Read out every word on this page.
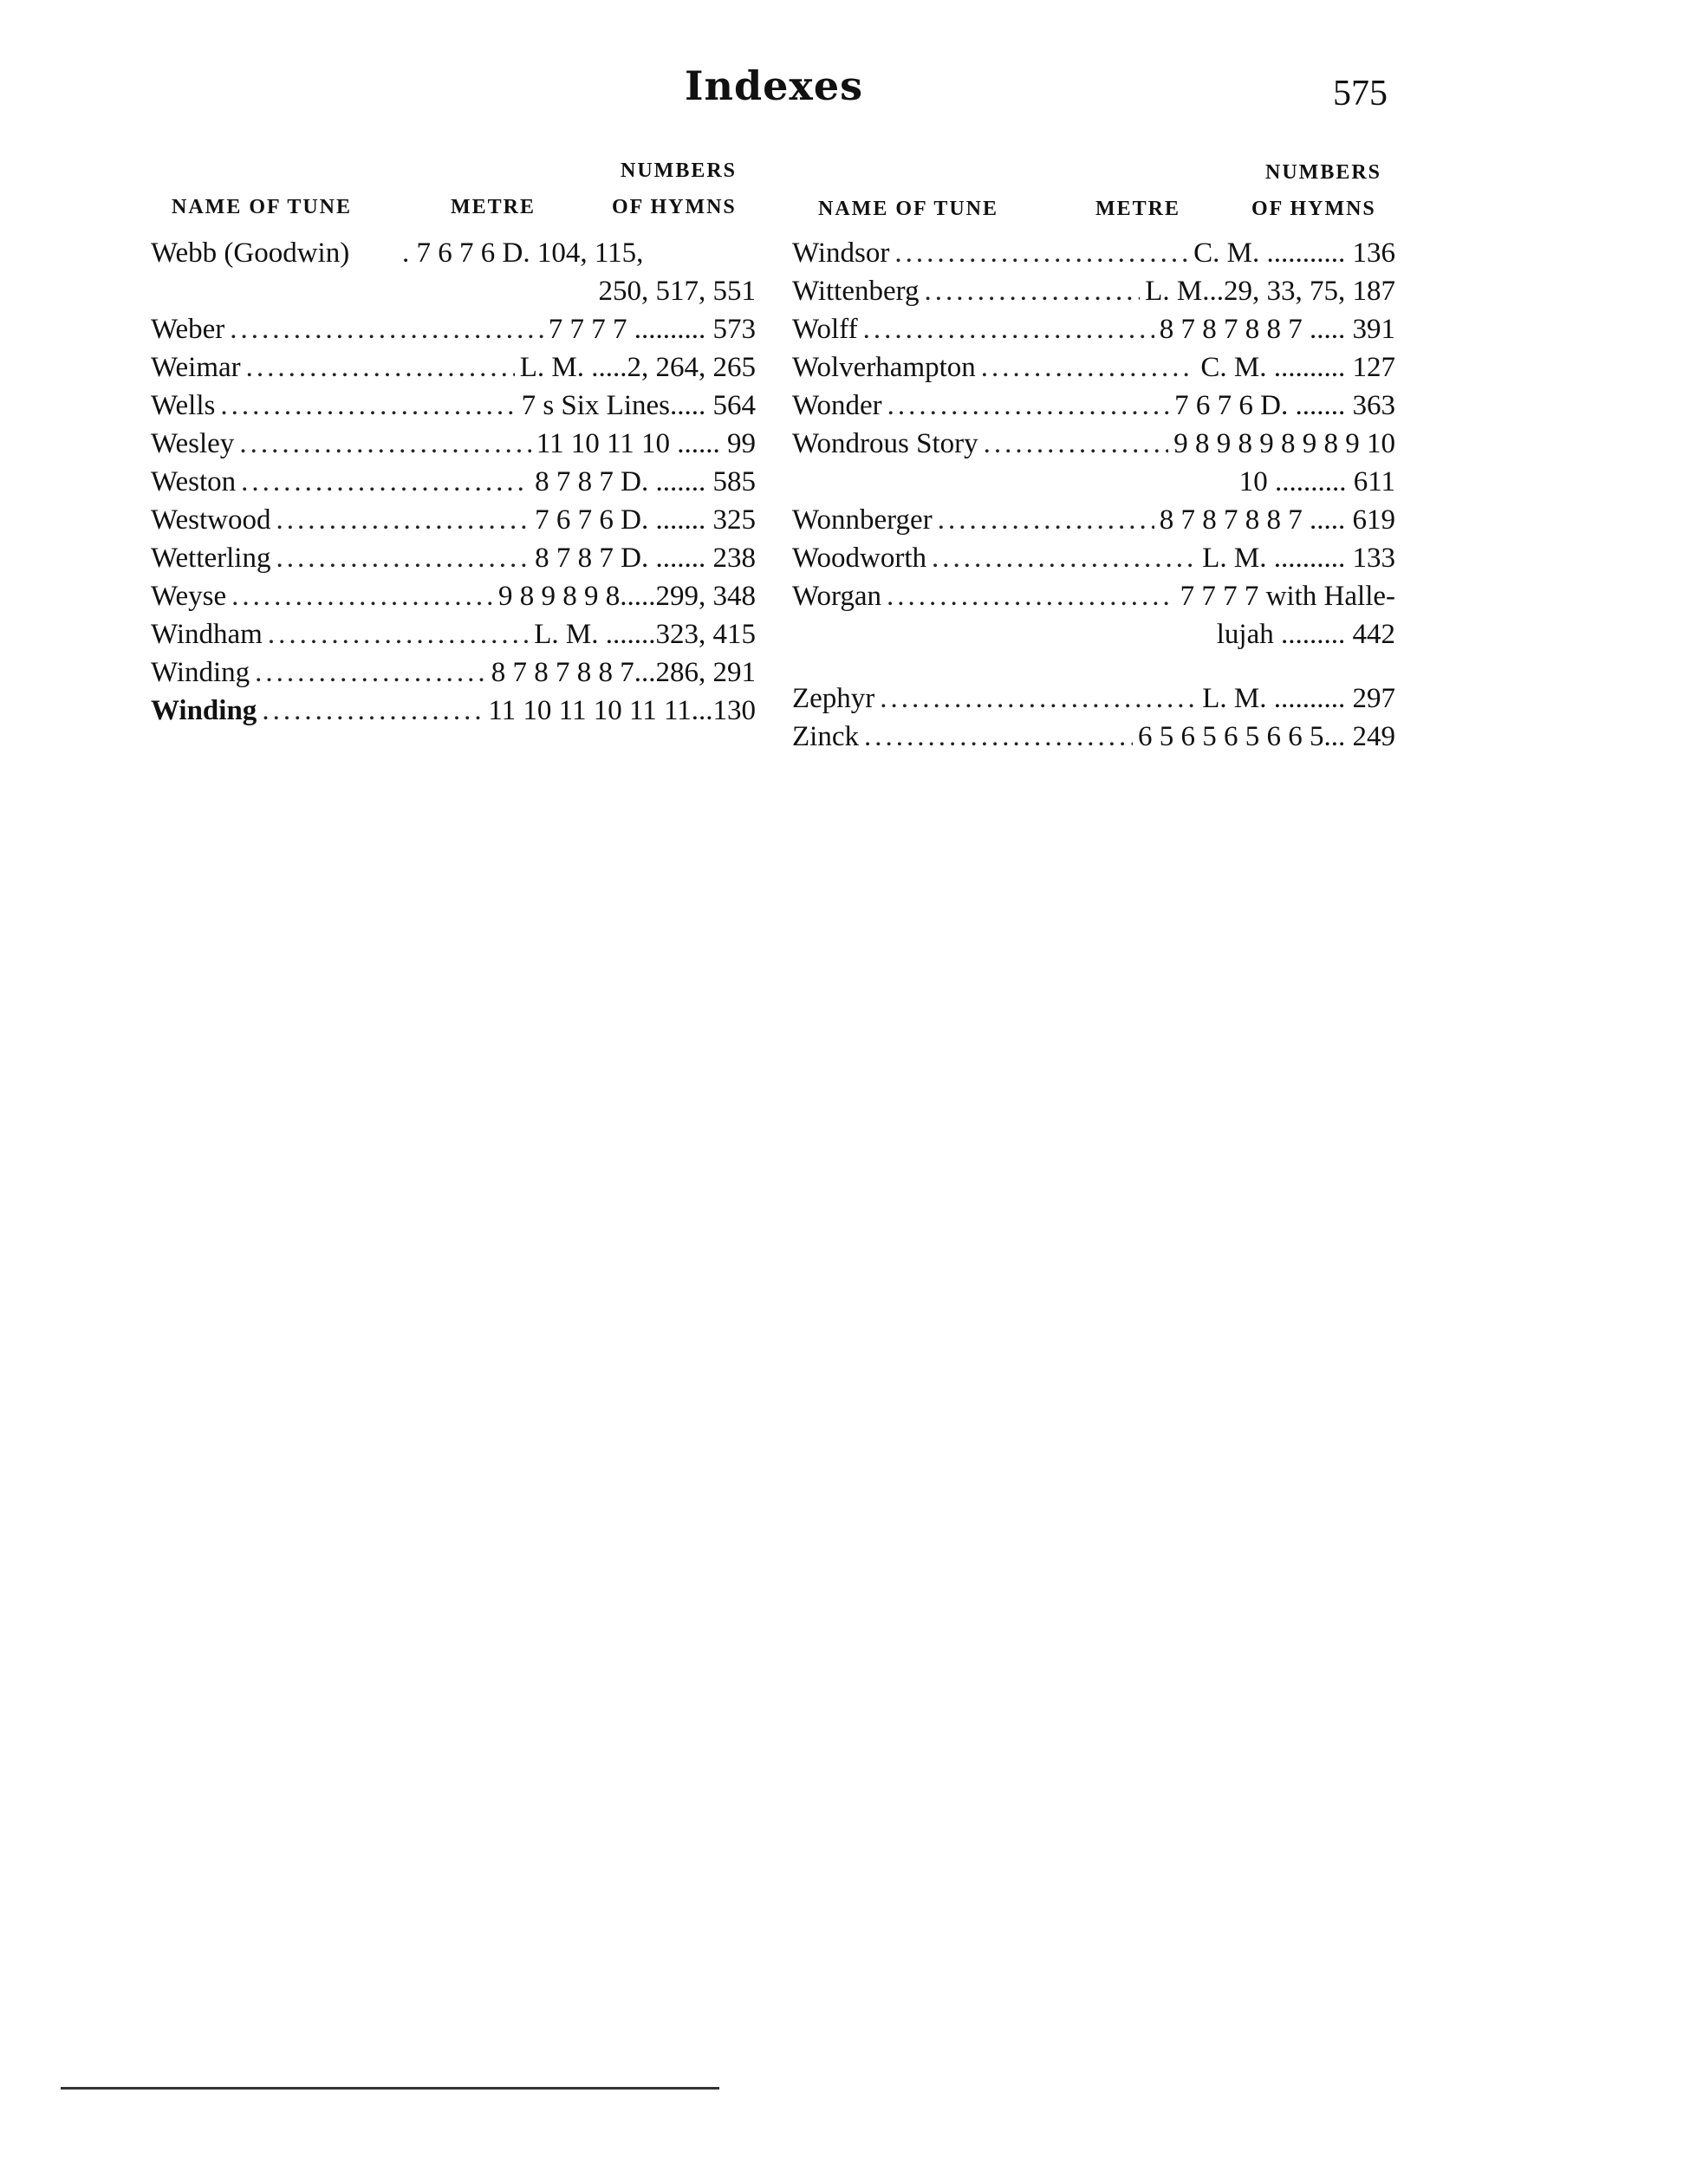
Indexes	575
NUMBERS
NAME OF TUNE	METRE	OF HYMNS
Webb (Goodwin)	. 7 6 7 6 D. 104, 115,
250, 517, 551
Weber .....	7 7 7 7 .......... 573
Weimar .....	L. M. .....2, 264, 265
Wells .....	7 s Six Lines..... 564
Wesley .....	11 10 11 10 ...... 99
Weston .....	8 7 8 7 D. ....... 585
Westwood .....	7 6 7 6 D. ....... 325
Wetterling .....	8 7 8 7 D. ....... 238
Weyse .....	9 8 9 8 9 8.....299, 348
Windham .....	L. M. .......323, 415
Winding .....	8 7 8 7 8 8 7...286, 291
Winding .....	11 10 11 10 11 11...130
NUMBERS
NAME OF TUNE	METRE	OF HYMNS
Windsor .....	C. M. ........... 136
Wittenberg .....	L. M...29, 33, 75, 187
Wolff .....	8 7 8 7 8 8 7 ..... 391
Wolverhampton .....	C. M. .......... 127
Wonder .....	7 6 7 6 D. ....... 363
Wondrous Story .....	9 8 9 8 9 8 9 8 9 10
10 .......... 611
Wonnberger .....	8 7 8 7 8 8 7 ..... 619
Woodworth .....	L. M. .......... 133
Worgan .....	7 7 7 7 with Halle-
lujah ......... 442
Zephyr .....	L. M. .......... 297
Zinck .....	6 5 6 5 6 5 6 6 5... 249
